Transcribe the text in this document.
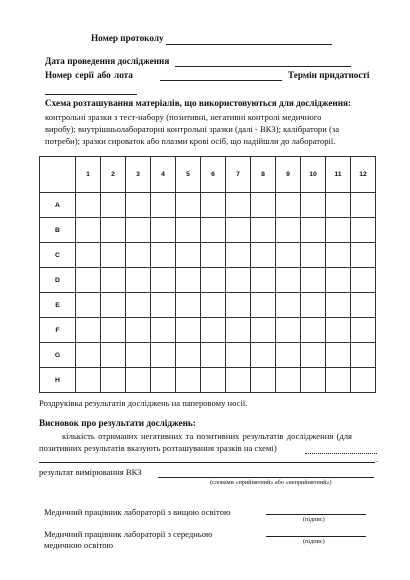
Номер протоколу
Дата проведення дослідження
Номер серії або лота	Термін придатності
Схема розташування матеріалів, що використовуються для дослідження:
контрольні зразки з тест-набору (позитивні, негативні контролі медичного
виробу); внутрішньолабораторні контрольні зразки (далі - ВКЗ); калібратори (за
потреби); зразки сироваток або плазми крові осіб, що надійшли до лабораторії.
	1	2	3	4	5	6	7	8	9	10	11	12
A												
B												
C												
D												
E												
F												
G												
H												
Роздруківка результатів досліджень на паперовому носії.
Висновок про результати досліджень:
кількість отриманих негативних та позитивних результатів дослідження (для
позитивних результатів вказують розташування зразків на схемі)
.
результат вимірювання ВКЗ
(словами «прийнятний» або «неприйнятний»)
Медичний працівник лабораторії з вищою освітою
(підпис)
Медичний працівник лабораторії з середньою
медичною освітою	(підпис)
